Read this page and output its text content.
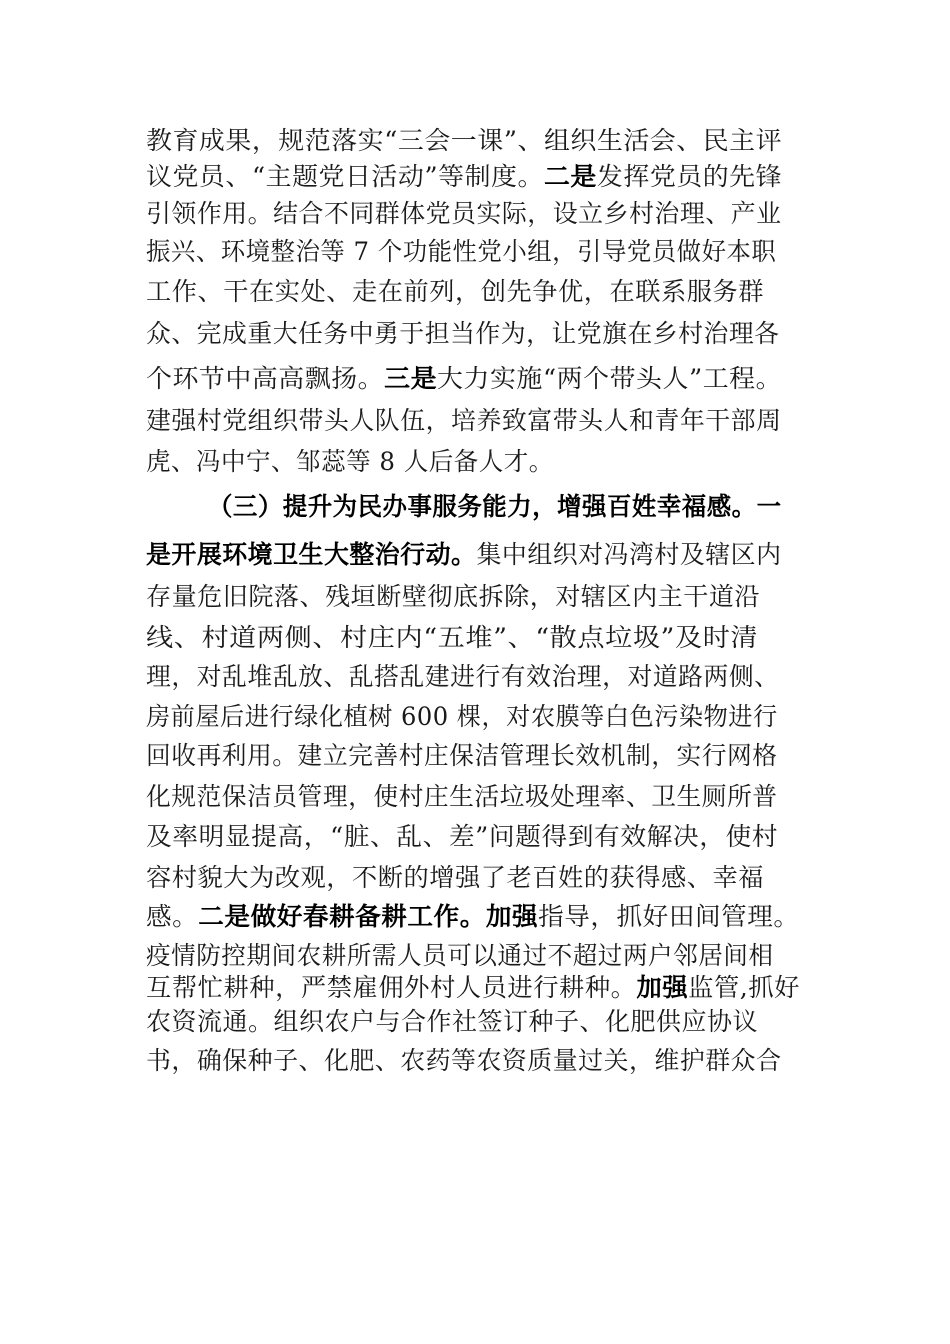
教育成果，规范落实“三会一课”、组织生活会、民主评
议党员、“主题党日活动”等制度。二是发挥党员的先锋
引领作用。结合不同群体党员实际，设立乡村治理、产业
振兴、环境整治等 7 个功能性党小组，引导党员做好本职
工作、干在实处、走在前列，创先争优，在联系服务群
众、完成重大任务中勇于担当作为，让党旗在乡村治理各
个环节中高高飘扬。三是大力实施“两个带头人”工程。
建强村党组织带头人队伍，培养致富带头人和青年干部周
虎、冯中宁、邹蕊等 8 人后备人才。
（三）提升为民办事服务能力，增强百姓幸福感。一
是开展环境卫生大整治行动。集中组织对冯湾村及辖区内
存量危旧院落、残垣断壁彻底拆除，对辖区内主干道沿
线、村道两侧、村庄内“五堆”、“散点垃圾”及时清
理，对乱堆乱放、乱搭乱建进行有效治理，对道路两侧、
房前屋后进行绿化植树 600 棵，对农膜等白色污染物进行
回收再利用。建立完善村庄保洁管理长效机制，实行网格
化规范保洁员管理，使村庄生活垃圾处理率、卫生厕所普
及率明显提高，“脏、乱、差”问题得到有效解决，使村
容村貌大为改观，不断的增强了老百姓的获得感、幸福
感。二是做好春耕备耕工作。加强指导，抓好田间管理。
疫情防控期间农耕所需人员可以通过不超过两户邻居间相
互帮忙耕种，严禁雇佣外村人员进行耕种。加强监管,抓好
农资流通。组织农户与合作社签订种子、化肥供应协议
书，确保种子、化肥、农药等农资质量过关，维护群众合
